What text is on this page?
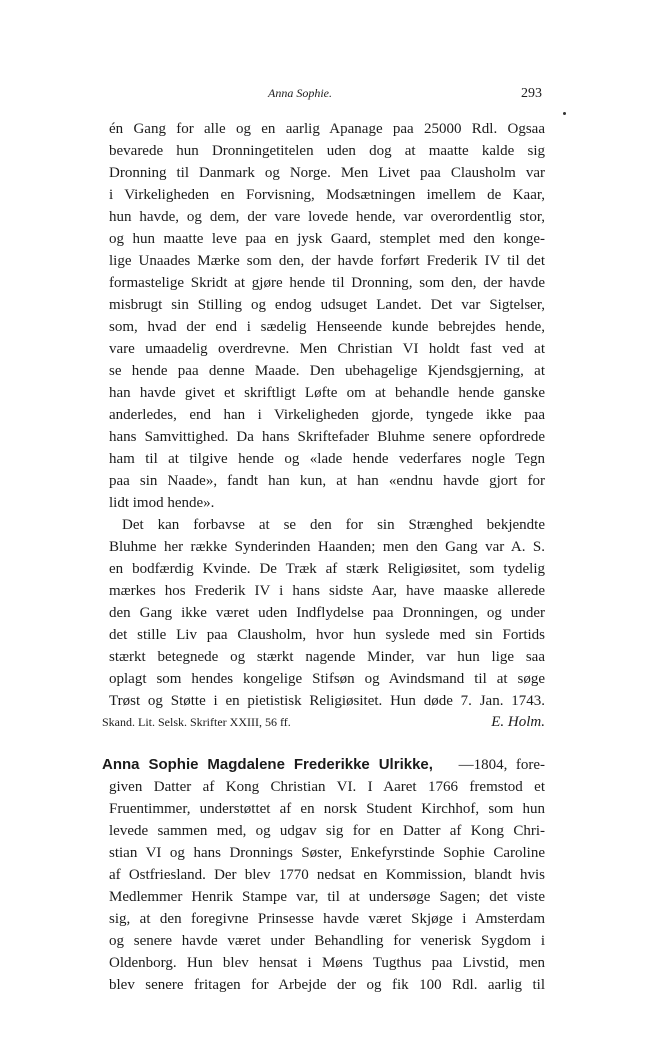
Anna Sophie.	293
én Gang for alle og en aarlig Apanage paa 25000 Rdl. Ogsaa
bevarede hun Dronningetitelen uden dog at maatte kalde sig
Dronning til Danmark og Norge. Men Livet paa Clausholm var
i Virkeligheden en Forvisning, Modsætningen imellem de Kaar,
hun havde, og dem, der vare lovede hende, var overordentlig stor,
og hun maatte leve paa en jysk Gaard, stemplet med den konge-
lige Unaades Mærke som den, der havde forført Frederik IV til det
formastelige Skridt at gjøre hende til Dronning, som den, der havde
misbrugt sin Stilling og endog udsuget Landet. Det var Sigtelser,
som, hvad der end i sædelig Henseende kunde bebrejdes hende,
vare umaadelig overdrevne. Men Christian VI holdt fast ved at
se hende paa denne Maade. Den ubehagelige Kjendsgjerning, at
han havde givet et skriftligt Løfte om at behandle hende ganske
anderledes, end han i Virkeligheden gjorde, tyngede ikke paa
hans Samvittighed. Da hans Skriftefader Bluhme senere opfordrede
ham til at tilgive hende og «lade hende vederfares nogle Tegn
paa sin Naade», fandt han kun, at han «endnu havde gjort for
lidt imod hende».
Det kan forbavse at se den for sin Strænghed bekjendte
Bluhme her række Synderinden Haanden; men den Gang var A. S.
en bodfærdig Kvinde. De Træk af stærk Religiøsitet, som tydelig
mærkes hos Frederik IV i hans sidste Aar, have maaske allerede
den Gang ikke været uden Indflydelse paa Dronningen, og under
det stille Liv paa Clausholm, hvor hun syslede med sin Fortids
stærkt betegnede og stærkt nagende Minder, var hun lige saa
oplagt som hendes kongelige Stifsøn og Avindsmand til at søge
Trøst og Støtte i en pietistisk Religiøsitet. Hun døde 7. Jan. 1743.
Skand. Lit. Selsk. Skrifter XXIII, 56 ff.	E. Holm.
Anna Sophie Magdalene Frederikke Ulrikke, —1804, fore-
given Datter af Kong Christian VI. I Aaret 1766 fremstod et
Fruentimmer, understøttet af en norsk Student Kirchhof, som hun
levede sammen med, og udgav sig for en Datter af Kong Chri-
stian VI og hans Dronnings Søster, Enkefyrstinde Sophie Caroline
af Ostfriesland. Der blev 1770 nedsat en Kommission, blandt hvis
Medlemmer Henrik Stampe var, til at undersøge Sagen; det viste
sig, at den foregivne Prinsesse havde været Skjøge i Amsterdam
og senere havde været under Behandling for venerisk Sygdom i
Oldenborg. Hun blev hensat i Møens Tugthus paa Livstid, men
blev senere fritagen for Arbejde der og fik 100 Rdl. aarlig til
